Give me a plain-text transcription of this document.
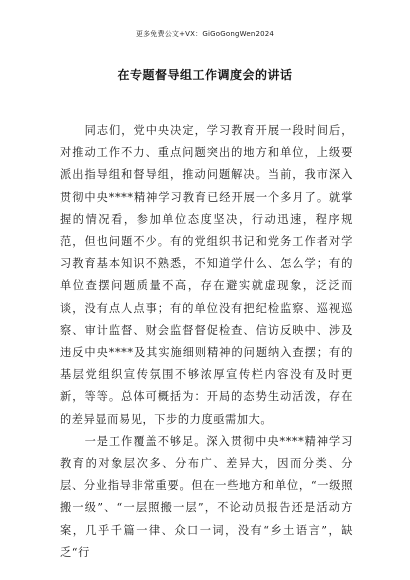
更多免费公文+VX：GiGoGongWen2024
在专题督导组工作调度会的讲话

同志们，党中央决定，学习教育开展一段时间后，对推动工作不力、重点问题突出的地方和单位，上级要派出指导组和督导组，推动问题解决。当前，我市深入贯彻中央****精神学习教育已经开展一个多月了。就掌握的情况看，参加单位态度坚决，行动迅速，程序规范，但也问题不少。有的党组织书记和党务工作者对学习教育基本知识不熟悉，不知道学什么、怎么学；有的单位查摆问题质量不高，存在避实就虚现象，泛泛而谈，没有点人点事；有的单位没有把纪检监察、巡视巡察、审计监督、财会监督督促检查、信访反映中、涉及违反中央****及其实施细则精神的问题纳入查摆；有的基层党组织宣传氛围不够浓厚宣传栏内容没有及时更新，等等。总体可概括为：开局的态势生动活泼，存在的差异显而易见，下步的力度亟需加大。

一是工作覆盖不够足。深入贯彻中央****精神学习教育的对象层次多、分布广、差异大，因而分类、分层、分业指导非常重要。但在一些地方和单位，“一级照搬一级”、“一层照搬一层”，不论动员报告还是活动方案，几乎千篇一律、众口一词，没有“乡土语言”，缺乏“行
